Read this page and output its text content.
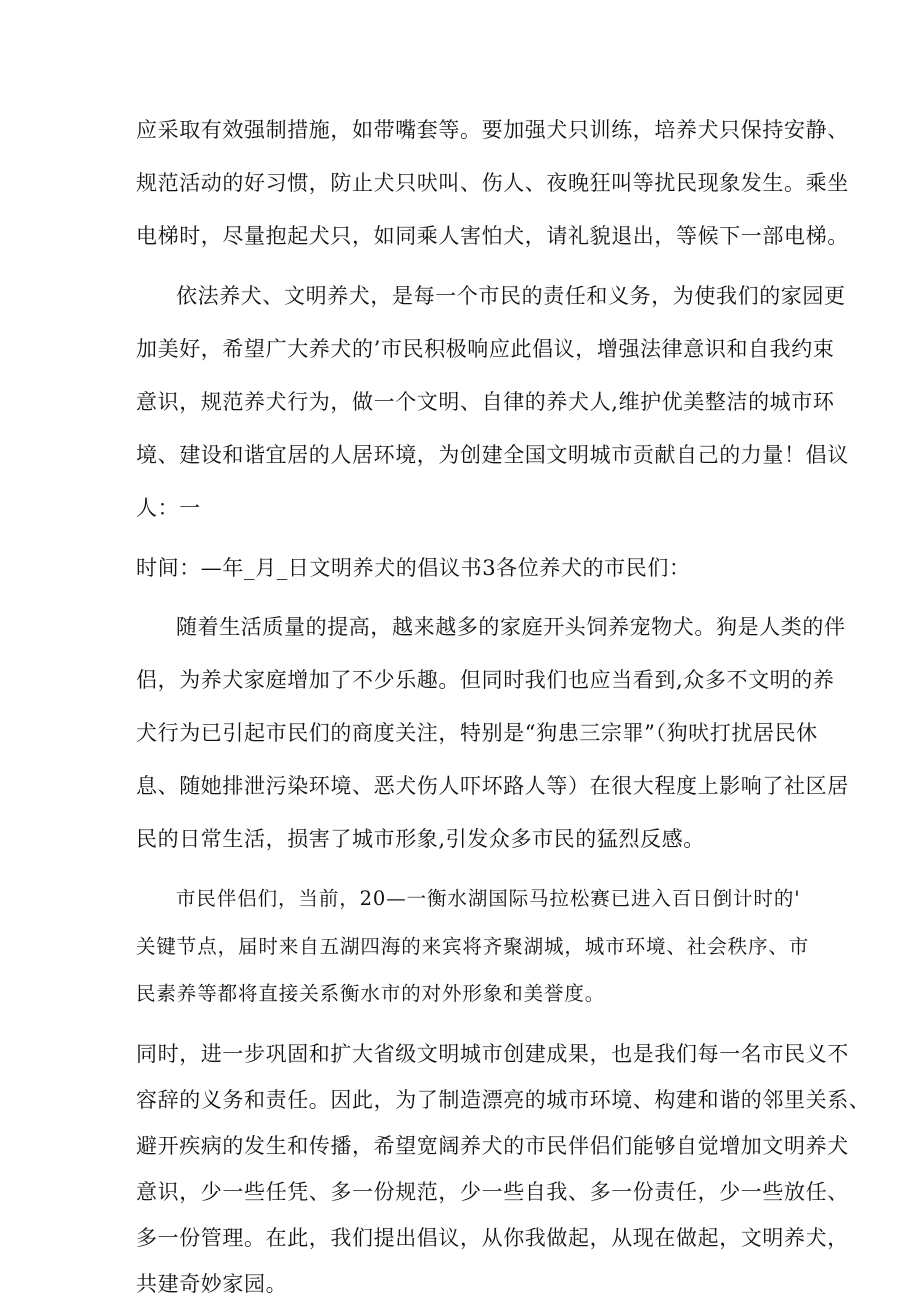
应采取有效强制措施，如带嘴套等。要加强犬只训练，培养犬只保持安静、
规范活动的好习惯，防止犬只吠叫、伤人、夜晚狂叫等扰民现象发生。乘坐
电梯时，尽量抱起犬只，如同乘人害怕犬，请礼貌退出，等候下一部电梯。
依法养犬、文明养犬，是每一个市民的责任和义务，为使我们的家园更
加美好，希望广大养犬的’市民积极响应此倡议，增强法律意识和自我约束
意识，规范养犬行为，做一个文明、自律的养犬人,维护优美整洁的城市环
境、建设和谐宜居的人居环境，为创建全国文明城市贡献自己的力量！倡议
人：一
时间：—年_月_日文明养犬的倡议书3各位养犬的市民们：
随着生活质量的提高，越来越多的家庭开头饲养宠物犬。狗是人类的伴
侣，为养犬家庭增加了不少乐趣。但同时我们也应当看到,众多不文明的养
犬行为已引起市民们的商度关注，特别是“狗患三宗罪”（狗吠打扰居民休
息、随她排泄污染环境、恶犬伤人吓坏路人等）在很大程度上影响了社区居
民的日常生活，损害了城市形象,引发众多市民的猛烈反感。
市民伴侣们，当前，20—一衡水湖国际马拉松赛已进入百日倒计时的'
关键节点，届时来自五湖四海的来宾将齐聚湖城，城市环境、社会秩序、市
民素养等都将直接关系衡水市的对外形象和美誉度。
同时，进一步巩固和扩大省级文明城市创建成果，也是我们每一名市民义不
容辞的义务和责任。因此，为了制造漂亮的城市环境、构建和谐的邻里关系、
避开疾病的发生和传播，希望宽阔养犬的市民伴侣们能够自觉增加文明养犬
意识，少一些任凭、多一份规范，少一些自我、多一份责任，少一些放任、
多一份管理。在此，我们提出倡议，从你我做起，从现在做起，文明养犬，
共建奇妙家园。
